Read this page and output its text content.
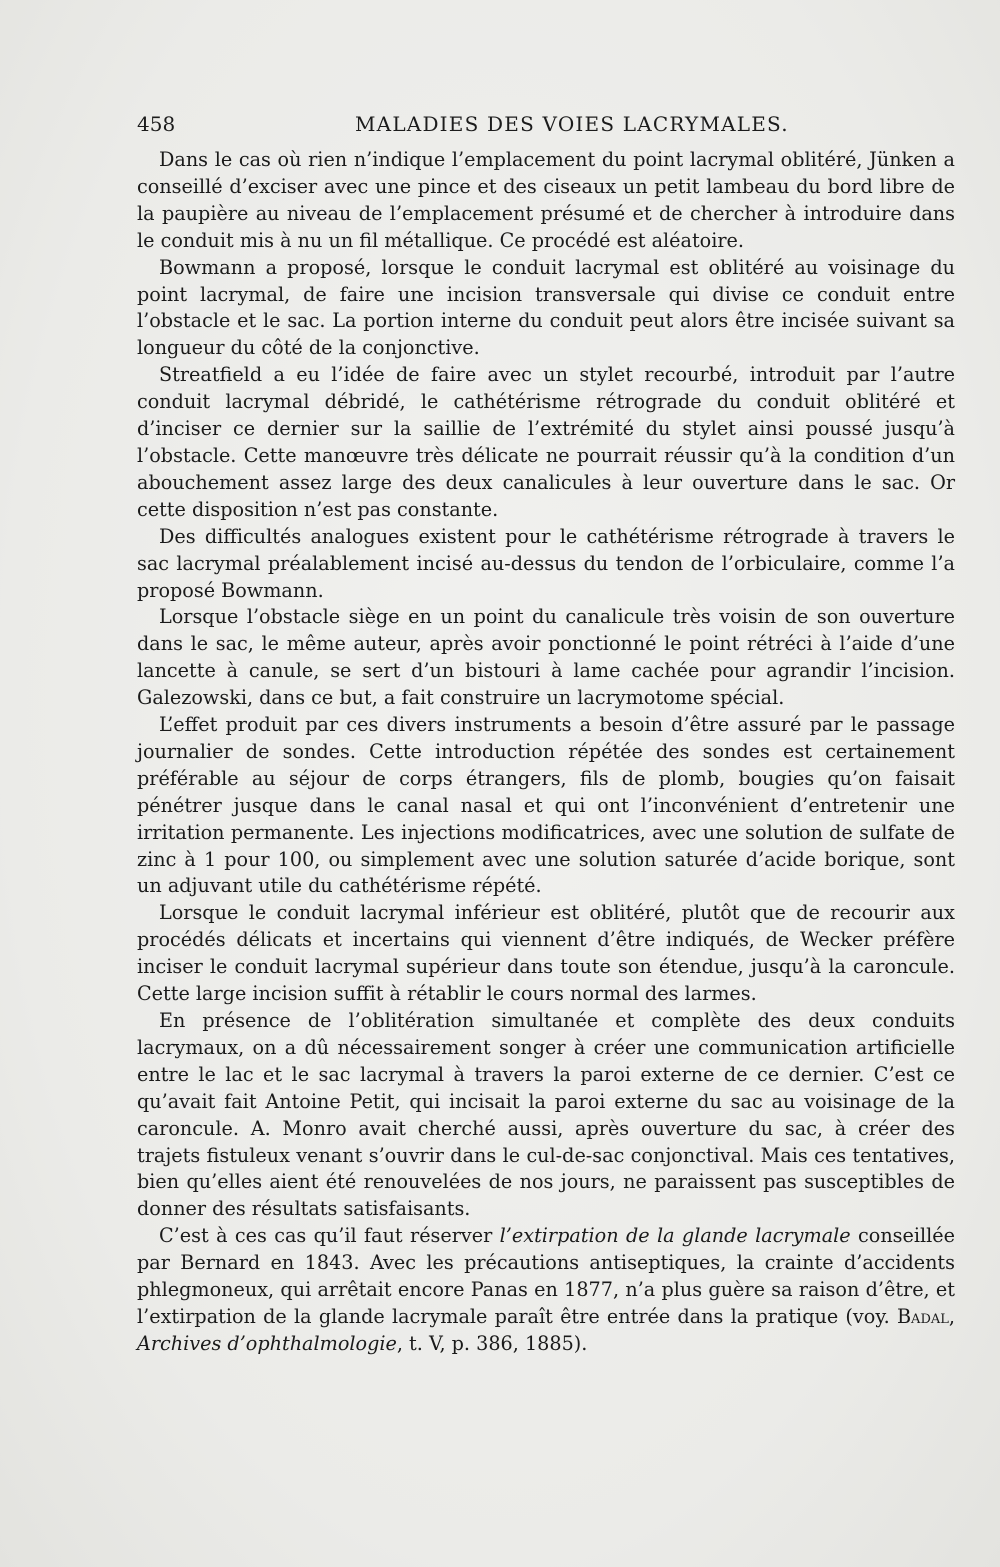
458	MALADIES DES VOIES LACRYMALES.

Dans le cas où rien n’indique l’emplacement du point lacrymal oblitéré, Jünken a conseillé d’exciser avec une pince et des ciseaux un petit lambeau du bord libre de la paupière au niveau de l’emplacement présumé et de chercher à introduire dans le conduit mis à nu un fil métallique. Ce procédé est aléatoire.

Bowmann a proposé, lorsque le conduit lacrymal est oblitéré au voisinage du point lacrymal, de faire une incision transversale qui divise ce conduit entre l’obstacle et le sac. La portion interne du conduit peut alors être incisée suivant sa longueur du côté de la conjonctive.

Streatfield a eu l’idée de faire avec un stylet recourbé, introduit par l’autre conduit lacrymal débridé, le cathétérisme rétrograde du conduit oblitéré et d’inciser ce dernier sur la saillie de l’extrémité du stylet ainsi poussé jusqu’à l’obstacle. Cette manœuvre très délicate ne pourrait réussir qu’à la condition d’un abouchement assez large des deux canalicules à leur ouverture dans le sac. Or cette disposition n’est pas constante.

Des difficultés analogues existent pour le cathétérisme rétrograde à travers le sac lacrymal préalablement incisé au-dessus du tendon de l’orbiculaire, comme l’a proposé Bowmann.

Lorsque l’obstacle siège en un point du canalicule très voisin de son ouverture dans le sac, le même auteur, après avoir ponctionné le point rétréci à l’aide d’une lancette à canule, se sert d’un bistouri à lame cachée pour agrandir l’incision. Galezowski, dans ce but, a fait construire un lacrymotome spécial.

L’effet produit par ces divers instruments a besoin d’être assuré par le passage journalier de sondes. Cette introduction répétée des sondes est certainement préférable au séjour de corps étrangers, fils de plomb, bougies qu’on faisait pénétrer jusque dans le canal nasal et qui ont l’inconvénient d’entretenir une irritation permanente. Les injections modificatrices, avec une solution de sulfate de zinc à 1 pour 100, ou simplement avec une solution saturée d’acide borique, sont un adjuvant utile du cathétérisme répété.

Lorsque le conduit lacrymal inférieur est oblitéré, plutôt que de recourir aux procédés délicats et incertains qui viennent d’être indiqués, de Wecker préfère inciser le conduit lacrymal supérieur dans toute son étendue, jusqu’à la caroncule. Cette large incision suffit à rétablir le cours normal des larmes.

En présence de l’oblitération simultanée et complète des deux conduits lacrymaux, on a dû nécessairement songer à créer une communication artificielle entre le lac et le sac lacrymal à travers la paroi externe de ce dernier. C’est ce qu’avait fait Antoine Petit, qui incisait la paroi externe du sac au voisinage de la caroncule. A. Monro avait cherché aussi, après ouverture du sac, à créer des trajets fistuleux venant s’ouvrir dans le cul-de-sac conjonctival. Mais ces tentatives, bien qu’elles aient été renouvelées de nos jours, ne paraissent pas susceptibles de donner des résultats satisfaisants.

C’est à ces cas qu’il faut réserver l’extirpation de la glande lacrymale conseillée par Bernard en 1843. Avec les précautions antiseptiques, la crainte d’accidents phlegmoneux, qui arrêtait encore Panas en 1877, n’a plus guère sa raison d’être, et l’extirpation de la glande lacrymale paraît être entrée dans la pratique (voy. Badal, Archives d’ophthalmologie, t. V, p. 386, 1885).
